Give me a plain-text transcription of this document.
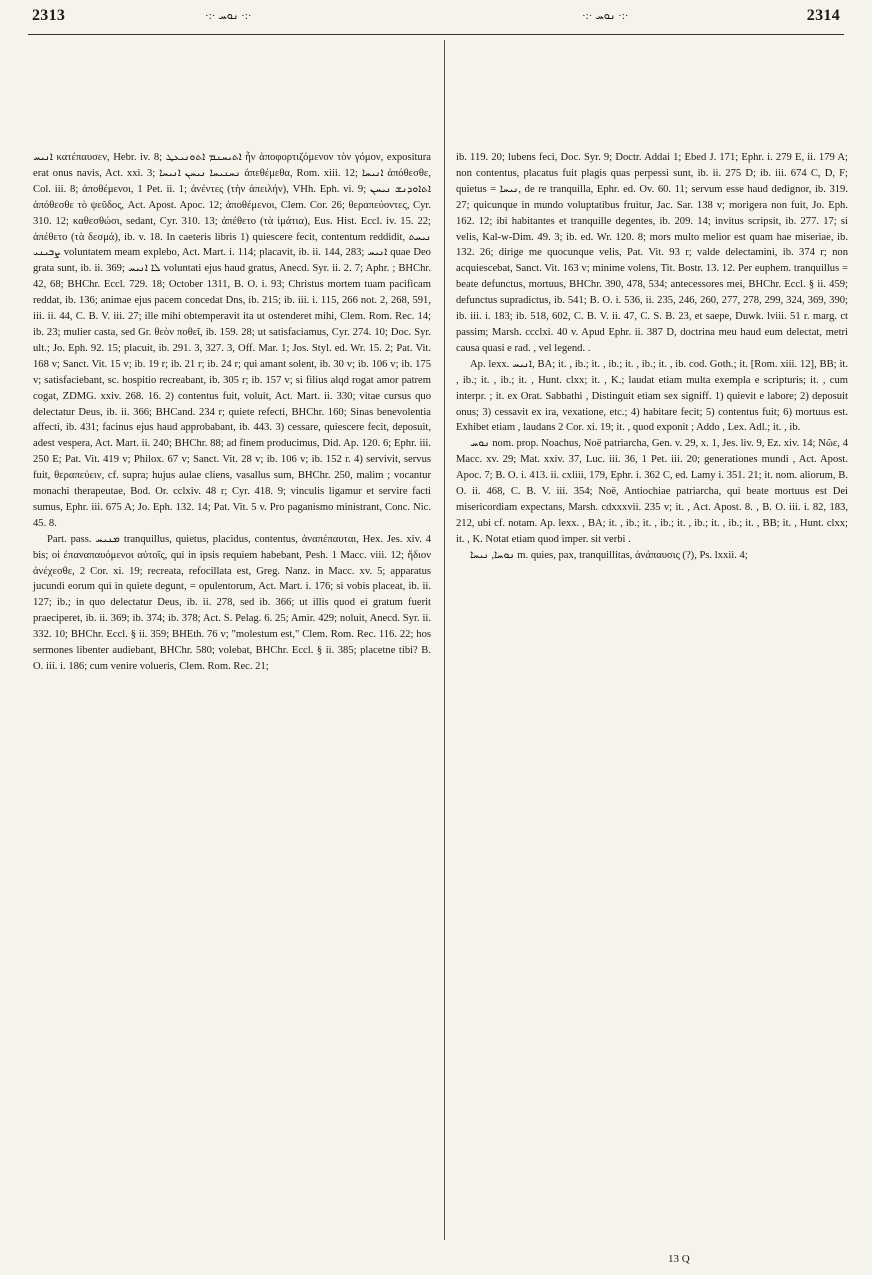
2313	·:· ܢܘܚ ·:·	·:· ܢܘܚ ·:·	2314

ܐܢܝܚ κατέπαυσεν, Hebr. iv. 8; ܐܬܝܚܢܡ ܐܬܘܢܝܥܛ ἦν ἀποφορτιζόμενον τὸν γόμον, expositura erat onus navis, Act. xxi. 3; ܢܚܢܝܚܐ ܢܝܚܢ ܐܢܝܚܐ ἀπεθέμεθα, Rom. xiii. 12; ܐܢܝܚܐ ἀπόθεσθε, Col. iii. 8; ἀποθέμενοι, 1 Pet. ii. 1; ἀνέντες (τὴν ἀπειλήν), VHh. Eph. vi. 9; ܐܬܐܘܕܢܫ ܢܝܚܢ ἀπόθεσθε τὸ ψεῦδος, Act. Apost. Apoc. 12; ἀποθέμενοι, Clem. Cor. 26; θεραπεύοντες, Cyr. 310. 12; καθεσθώσι, sedant, Cyr. 310. 13; ἀπέθετο (τὰ ἱμάτια), Eus. Hist. Eccl. iv. 15. 22; ἀπέθετο (τὰ δεσμά), ib. v. 18. In caeteris libris 1) quiescere fecit, contentum reddidit, ܢܝܚܬ ܨܒܝܢܝ voluntatem meam explebo, Act. Mart. i. 114; placavit, ib. ii. 144, 283; ܐܢܝܚ quae Deo grata sunt, ib. ii. 369; ܠܐ ܐܢܝܚ voluntati ejus haud gratus, Anecd. Syr. ii. 2. 7; Aphr. ; BHChr. 42, 68; BHChr. Eccl. 729. 18; October 1311, B. O. i. 93; Christus mortem tuam pacificam reddat, ib. 136; animae ejus pacem concedat Dns, ib. 215; ib. iii. i. 115, 266 not. 2, 268, 591, iii. ii. 44, C. B. V. iii. 27; ille mihi obtemperavit ita ut ostenderet mihi, Clem. Rom. Rec. 14; ib. 23; mulier casta, sed Gr. θεὸν ποθεῖ, ib. 159. 28; ut satisfaciamus, Cyr. 274. 10; Doc. Syr. ult.; Jo. Eph. 92. 15; placuit, ib. 291. 3, 327. 3, Off. Mar. 1; Jos. Styl. ed. Wr. 15. 2; Pat. Vit. 168 v; Sanct. Vit. 15 v; ib. 19 r; ib. 21 r; ib. 24 r; qui amant solent, ib. 30 v; ib. 106 v; ib. 175 v; satisfaciebant, sc. hospitio recreabant, ib. 305 r; ib. 157 v; si filius alqd rogat amor patrem cogat, ZDMG. xxiv. 268. 16. 2) contentus fuit, voluit, Act. Mart. ii. 330; vitae cursus quo delectatur Deus, ib. ii. 366; BHCand. 234 r; quiete refecti, BHChr. 160; Sinas benevolentia affecti, ib. 431; facinus ejus haud approbabant, ib. 443. 3) cessare, quiescere fecit, deposuit, adest vespera, Act. Mart. ii. 240; BHChr. 88; ad finem producimus, Did. Ap. 120. 6; Ephr. iii. 250 E; Pat. Vit. 419 v; Philox. 67 v; Sanct. Vit. 28 v; ib. 106 v; ib. 152 r. 4) servivit, servus fuit, θεραπεύειν, cf. supra; hujus aulae cliens, vasallus sum, BHChr. 250, malim ; vocantur monachi therapeutae, Bod. Or. cclxiv. 48 r; Cyr. 418. 9; vinculis ligamur et servire facti sumus, Ephr. iii. 675 A; Jo. Eph. 132. 14; Pat. Vit. 5 v. Pro paganismo ministrant, Conc. Nic. 45. 8.

Part. pass. ܡܢܝܚ tranquillus, quietus, placidus, contentus, ἀναπέπαυται, Hex. Jes. xiv. 4 bis; οἱ ἐπαναπαυόμενοι αὐτοῖς, qui in ipsis requiem habebant, Pesh. 1 Macc. viii. 12; ἥδιον ἀνέχεσθε, 2 Cor. xi. 19; recreata, refocillata est, Greg. Nanz. in Macc. xv. 5; apparatus jucundi eorum qui in quiete degunt, = opulentorum, Act. Mart. i. 176; si vobis placeat, ib. ii. 127; ib.; in quo delectatur Deus, ib. ii. 278, sed ib. 366; ut illis quod ei gratum fuerit praeciperet, ib. ii. 369; ib. 374; ib. 378; Act. S. Pelag. 6. 25; Amir. 429; noluit, Anecd. Syr. ii. 332. 10; BHChr. Eccl. § ii. 359; BHEth. 76 v; "molestum est," Clem. Rom. Rec. 116. 22; hos sermones libenter audiebant, BHChr. 580; volebat, BHChr. Eccl. § ii. 385; placetne tibi? B. O. iii. i. 186; cum venire volueris, Clem. Rom. Rec. 21;

ib. 119. 20; lubens feci, Doc. Syr. 9; Doctr. Addai 1; Ebed J. 171; Ephr. i. 279 E, ii. 179 A; non contentus, placatus fuit plagis quas perpessi sunt, ib. ii. 275 D; ib. iii. 674 C, D, F; quietus = ܢܝܚܐ, de re tranquilla, Ephr. ed. Ov. 60. 11; servum esse haud dedignor, ib. 319. 27; quicunque in mundo voluptatibus fruitur, Jac. Sar. 138 v; morigera non fuit, Jo. Eph. 162. 12; ibi habitantes et tranquille degentes, ib. 209. 14; invitus scripsit, ib. 277. 17; si velis, Kal-w-Dim. 49. 3; ib. ed. Wr. 120. 8; mors multo melior est quam hae miseriae, ib. 132. 26; dirige me quocunque velis, Pat. Vit. 93 r; valde delectamini, ib. 374 r; non acquiescebat, Sanct. Vit. 163 v; minime volens, Tit. Bostr. 13. 12. Per euphem. tranquillus = beate defunctus, mortuus, BHChr. 390, 478, 534; antecessores mei, BHChr. Eccl. § ii. 459; defunctus supradictus, ib. 541; B. O. i. 536, ii. 235, 246, 260, 277, 278, 299, 324, 369, 390; ib. iii. i. 183; ib. 518, 602, C. B. V. ii. 47, C. S. B. 23, et saepe, Duwk. lviii. 51 r. marg. ct passim; Marsh. ccclxi. 40 v. Apud Ephr. ii. 387 D, doctrina meu haud eum delectat, metri causa quasi e rad. , vel legend. .

Ap. lexx. ܐܢܝܚ, BA; it. , ib.; it. , ib.; it. , ib.; it. , ib. cod. Goth.; it. [Rom. xiii. 12], BB; it. , ib.; it. , ib.; it. , Hunt. clxx; it. , K.; laudat etiam multa exempla e scripturis; it. , cum interpr. ; it. ex Orat. Sabbathi , Distinguit etiam sex signiff. 1) quievit e labore; 2) deposuit onus; 3) cessavit ex ira, vexatione, etc.; 4) habitare fecit; 5) contentus fuit; 6) mortuus est. Exhibet etiam , laudans 2 Cor. xi. 19; it. , quod exponit ; Addo , Lex. Adl.; it. , ib.

ܢܘܚ nom. prop. Noachus, Noë patriarcha, Gen. v. 29, x. 1, Jes. liv. 9, Ez. xiv. 14; Nῶε, 4 Macc. xv. 29; Mat. xxiv. 37, Luc. iii. 36, 1 Pet. iii. 20; generationes mundi , Act. Apost. Apoc. 7; B. O. i. 413. ii. cxliii, 179, Ephr. i. 362 C, ed. Lamy i. 351. 21; it. nom. aliorum, B. O. ii. 468, C. B. V. iii. 354; Noë, Antiochiae patriarcha, qui beate mortuus est Dei misericordiam expectans, Marsh. cdxxxvii. 235 v; it. , Act. Apost. 8. , B. O. iii. i. 82, 183, 212, ubi cf. notam. Ap. lexx. , BA; it. , ib.; it. , ib.; it. , ib.; it. , ib.; it. , BB; it. , Hunt. clxx; it. , K. Notat etiam quod imper. sit verbi .

ܢܘܚܐ, ܢܝܚܐ m. quies, pax, tranquillitas, ἀνάπαυσις (?), Ps. lxxii. 4;

13 Q
